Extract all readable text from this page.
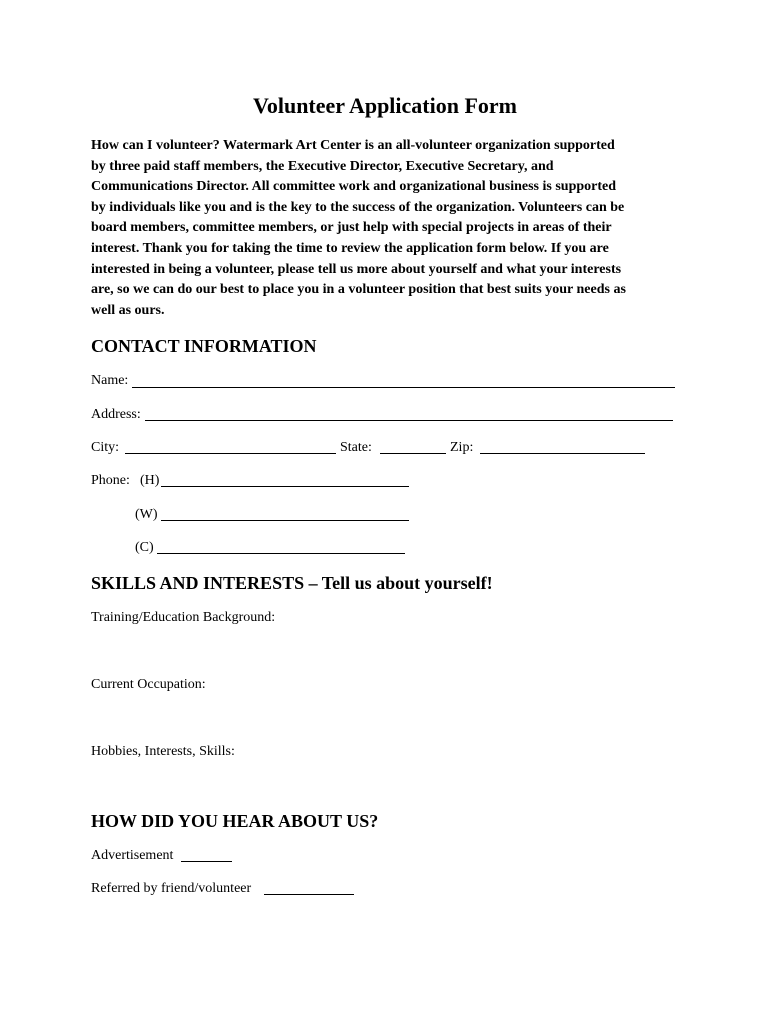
Volunteer Application Form
How can I volunteer? Watermark Art Center is an all-volunteer organization supported
by three paid staff members, the Executive Director, Executive Secretary, and
Communications Director. All committee work and organizational business is supported
by individuals like you and is the key to the success of the organization. Volunteers can be
board members, committee members, or just help with special projects in areas of their
interest. Thank you for taking the time to review the application form below. If you are
interested in being a volunteer, please tell us more about yourself and what your interests
are, so we can do our best to place you in a volunteer position that best suits your needs as
well as ours.
CONTACT INFORMATION
Name:
Address:
City:	State:	Zip:
Phone: (H)
(W)
(C)
SKILLS AND INTERESTS – Tell us about yourself!
Training/Education Background:
Current Occupation:
Hobbies, Interests, Skills:
HOW DID YOU HEAR ABOUT US?
Advertisement
Referred by friend/volunteer
